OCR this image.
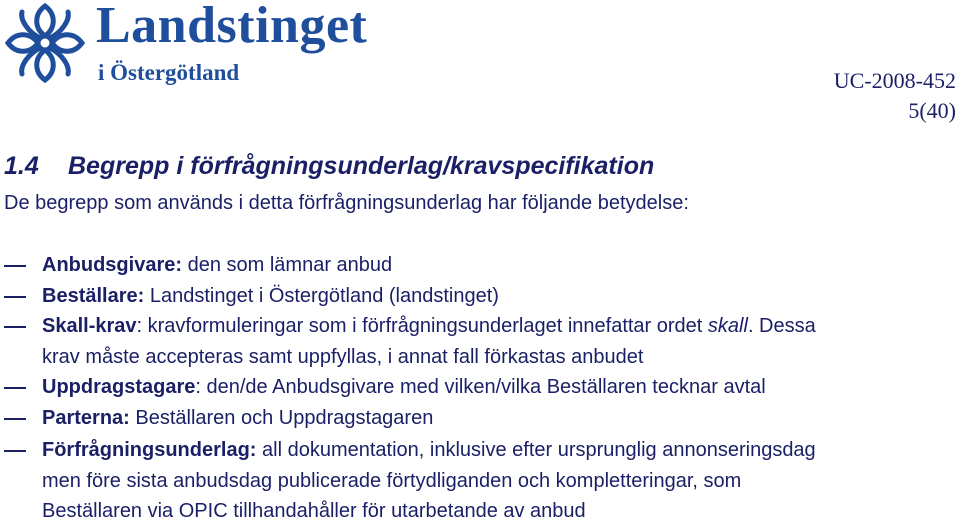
Landstinget
i Östergötland	UC-2008-452
5(40)
1.4 Begrepp i förfrågningsunderlag/kravspecifikation
De begrepp som används i detta förfrågningsunderlag har följande betydelse:
Anbudsgivare: den som lämnar anbud
Beställare: Landstinget i Östergötland (landstinget)
Skall-krav: kravformuleringar som i förfrågningsunderlaget innefattar ordet skall. Dessa
krav måste accepteras samt uppfyllas, i annat fall förkastas anbudet
Uppdragstagare: den/de Anbudsgivare med vilken/vilka Beställaren tecknar avtal
Parterna: Beställaren och Uppdragstagaren
Förfrågningsunderlag: all dokumentation, inklusive efter ursprunglig annonseringsdag
men före sista anbudsdag publicerade förtydliganden och kompletteringar, som
Beställaren via OPIC tillhandahåller för utarbetande av anbud
